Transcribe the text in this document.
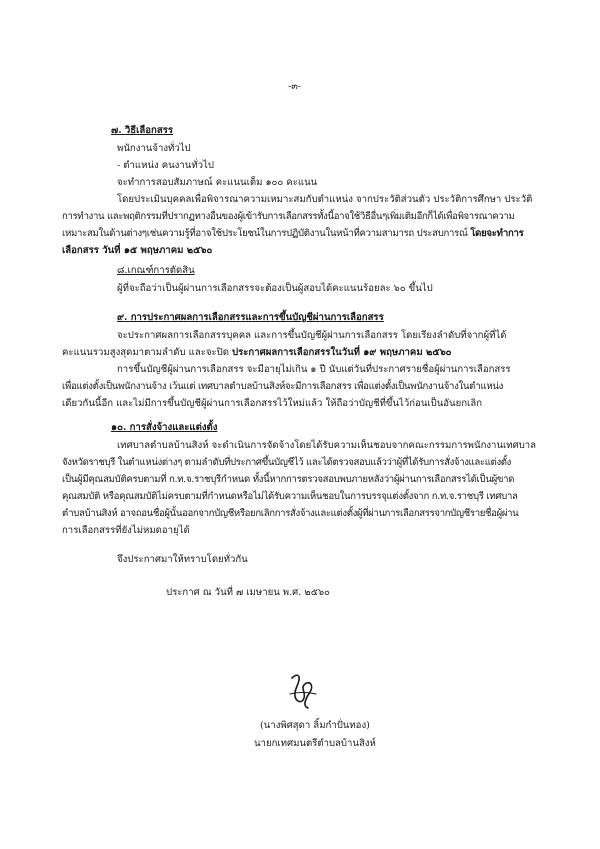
-๓-
๗. วิธีเลือกสรร
พนักงานจ้างทั่วไป
- ตำแหน่ง คนงานทั่วไป
จะทำการสอบสัมภาษณ์ คะแนนเต็ม ๑๐๐ คะแนน
โดยประเมินบุคคลเพื่อพิจารณาความเหมาะสมกับตำแหน่ง จากประวัติส่วนตัว ประวัติการศึกษา ประวัติ
การทำงาน และพฤติกรรมที่ปรากฏทางอื่นของผู้เข้ารับการเลือกสรรทั้งนี้อาจใช้วิธีอื่นๆเพิ่มเติมอีกก็ได้เพื่อพิจารณาความ
เหมาะสมในด้านต่างๆเช่นความรู้ที่อาจใช้ประโยชน์ในการปฏิบัติงานในหน้าที่ความสามารถ ประสบการณ์ โดยจะทำการ
เลือกสรร วันที่ ๑๕ พฤษภาคม ๒๕๖๐
๘.เกณฑ์การตัดสิน
ผู้ที่จะถือว่าเป็นผู้ผ่านการเลือกสรรจะต้องเป็นผู้สอบได้คะแนนร้อยละ ๖๐ ขึ้นไป
๙. การประกาศผลการเลือกสรรและการขึ้นบัญชีผ่านการเลือกสรร
จะประกาศผลการเลือกสรรบุคคล และการขึ้นบัญชีผู้ผ่านการเลือกสรร โดยเรียงลำดับที่จากผู้ที่ได้
คะแนนรวมสูงสุดมาตามลำดับ และจะปิด ประกาศผลการเลือกสรรในวันที่ ๑๙ พฤษภาคม ๒๕๖๐
การขึ้นบัญชีผู้ผ่านการเลือกสรร จะมีอายุไม่เกิน ๑ ปี นับแต่วันที่ประกาศรายชื่อผู้ผ่านการเลือกสรร
เพื่อแต่งตั้งเป็นพนักงานจ้าง เว้นแต่ เทศบาลตำบลบ้านสิงห์จะมีการเลือกสรร เพื่อแต่งตั้งเป็นพนักงานจ้างในตำแหน่ง
เดียวกันนี้อีก และไม่มีการขึ้นบัญชีผู้ผ่านการเลือกสรรไว้ใหม่แล้ว ให้ถือว่าบัญชีที่ขึ้นไว้ก่อนเป็นอันยกเลิก
๑๐. การสั่งจ้างและแต่งตั้ง
เทศบาลตำบลบ้านสิงห์ จะดำเนินการจัดจ้างโดยได้รับความเห็นชอบจากคณะกรรมการพนักงานเทศบาล
จังหวัดราชบุรี ในตำแหน่งต่างๆ ตามลำดับที่ประกาศขึ้นบัญชีไว้ และได้ตรวจสอบแล้วว่าผู้ที่ได้รับการสั่งจ้างและแต่งตั้ง
เป็นผู้มีคุณสมบัติครบตามที่ ก.ท.จ.ราชบุรีกำหนด ทั้งนี้หากการตรวจสอบพบภายหลังว่าผู้ผ่านการเลือกสรรได้เป็นผู้ขาด
คุณสมบัติ หรือคุณสมบัติไม่ครบตามที่กำหนดหรือไม่ได้รับความเห็นชอบในการบรรจุแต่งตั้งจาก ก.ท.จ.ราชบุรี เทศบาล
ตำบลบ้านสิงห์ อาจถอนชื่อผู้นั้นออกจากบัญชีหรือยกเลิกการสั่งจ้างและแต่งตั้งผู้ที่ผ่านการเลือกสรรจากบัญชีรายชื่อผู้ผ่าน
การเลือกสรรที่ยังไม่หมดอายุได้
จึงประกาศมาให้ทราบโดยทั่วกัน
ประกาศ ณ วันที่ ๗ เมษายน พ.ศ. ๒๕๖๐
(นางพิศสุดา ลิ้มกำปั่นทอง)
นายกเทศมนตรีตำบลบ้านสิงห์
